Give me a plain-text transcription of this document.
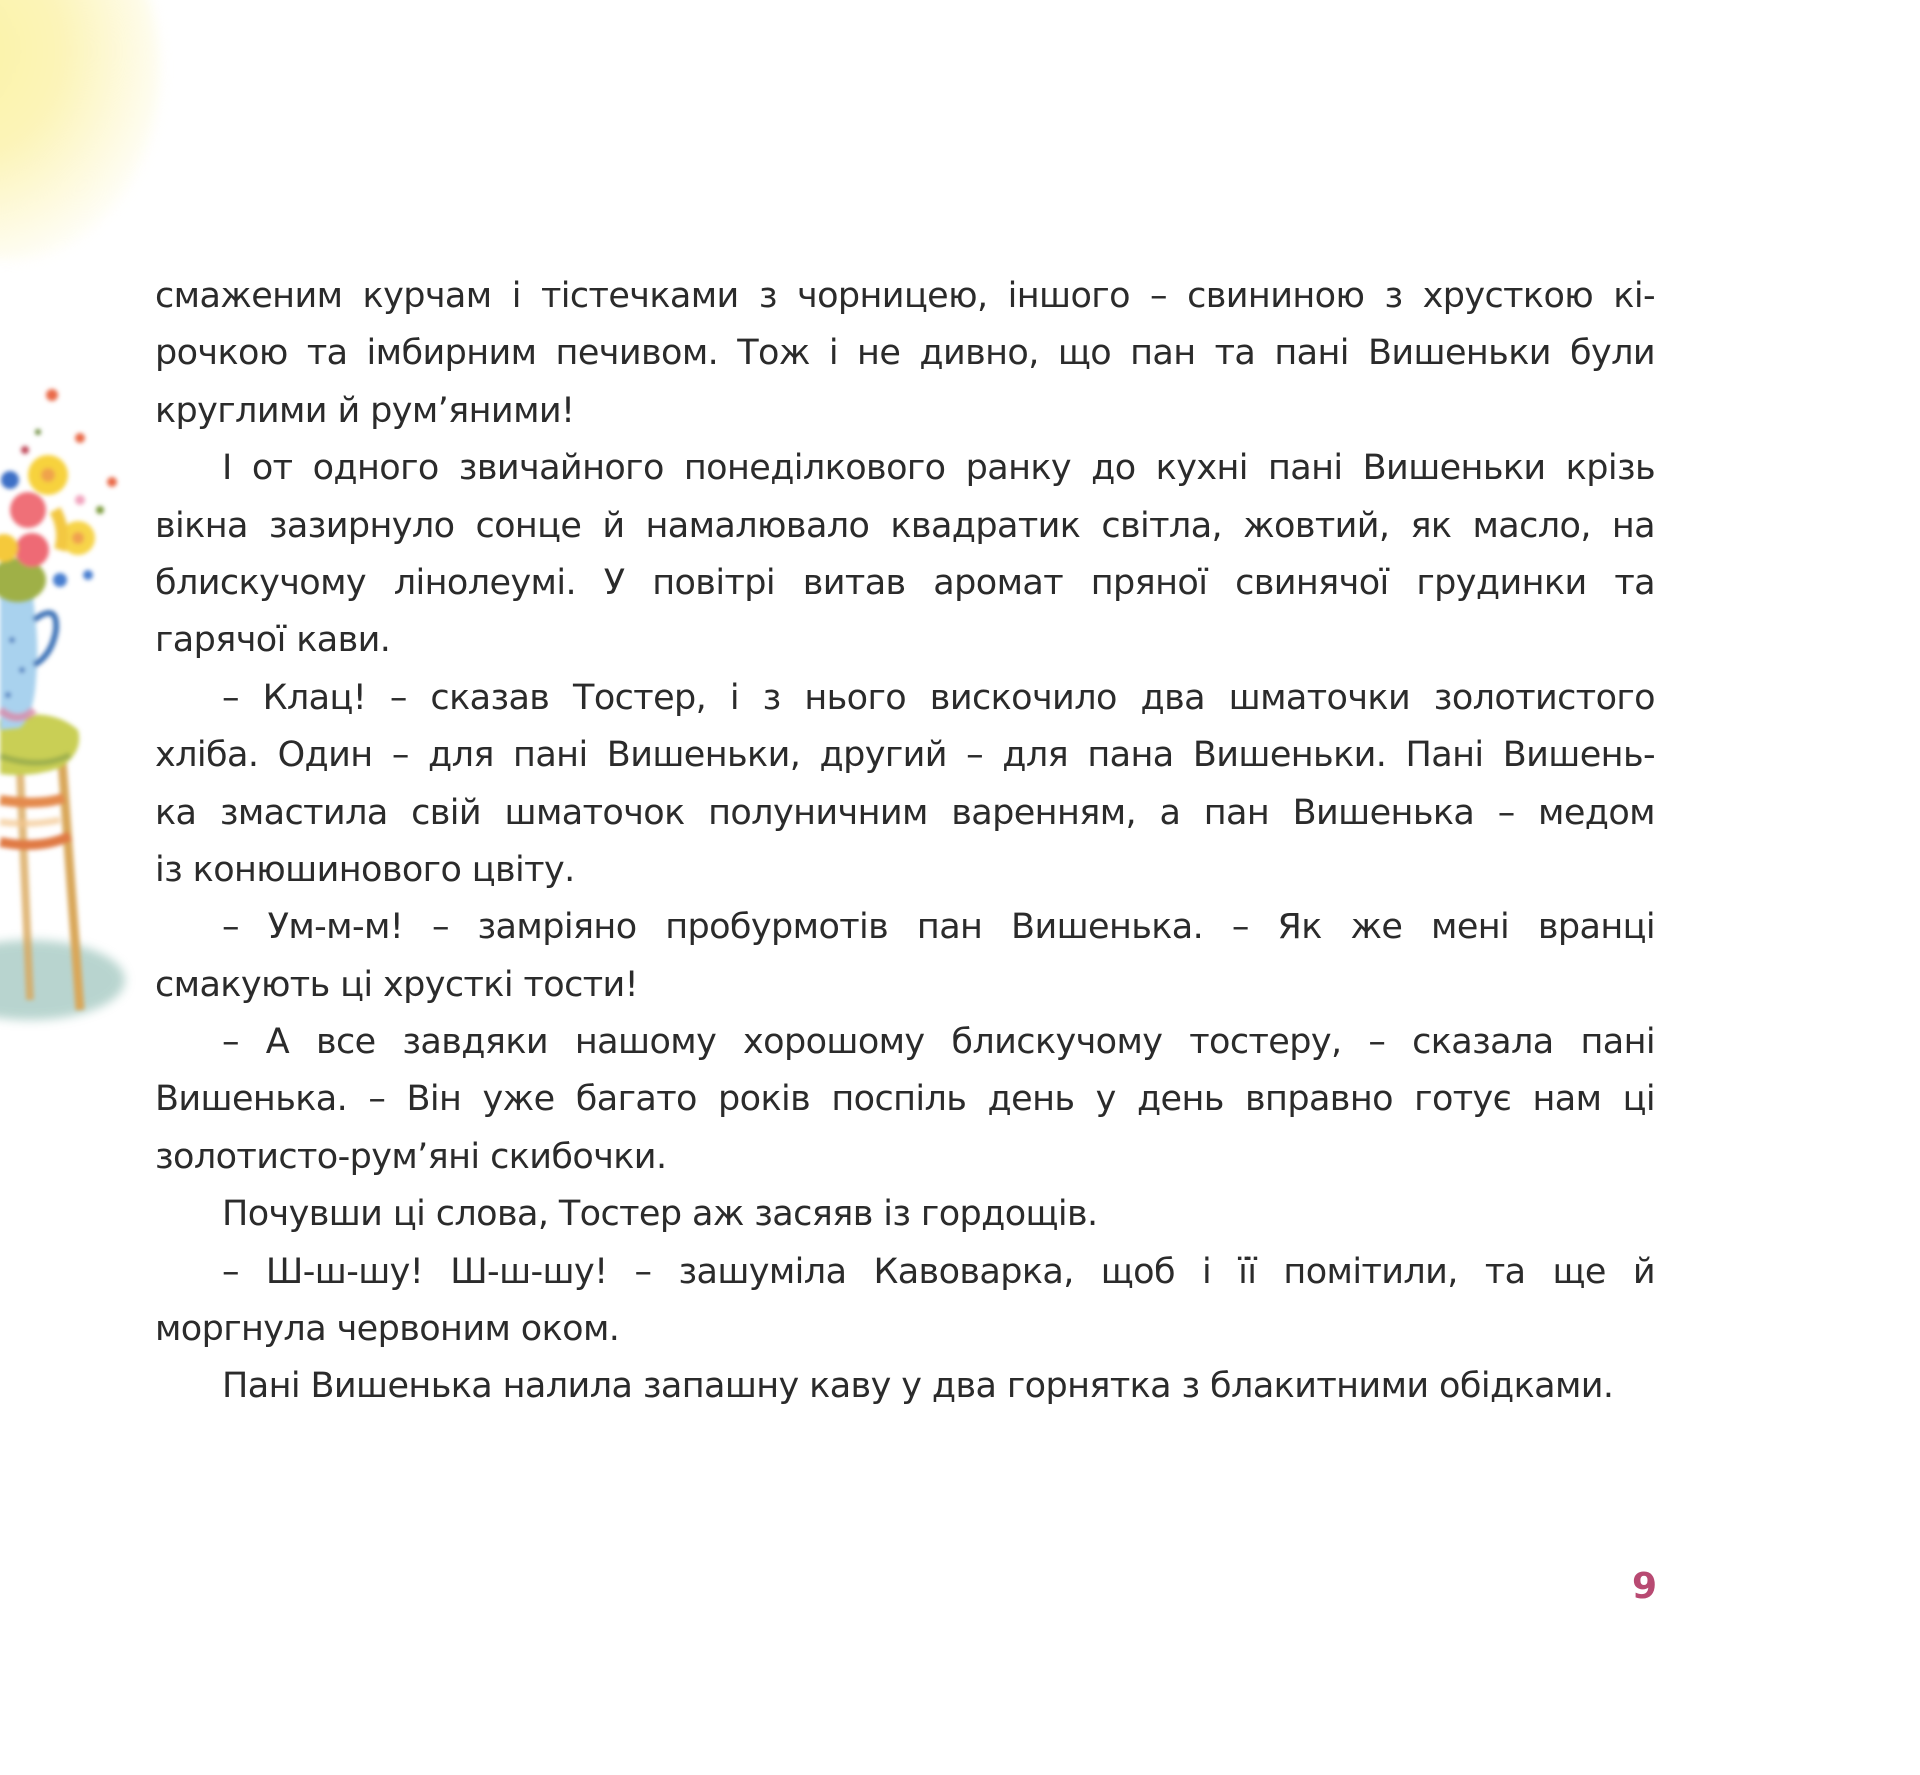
смаженим курчам і тістечками з чорницею, іншого – свининою з хрусткою кі-
рочкою та імбирним печивом. Тож і не дивно, що пан та пані Вишеньки були
круглими й рум’яними!
І от одного звичайного понеділкового ранку до кухні пані Вишеньки крізь
вікна зазирнуло сонце й намалювало квадратик світла, жовтий, як масло, на
блискучому лінолеумі. У повітрі витав аромат пряної свинячої грудинки та
гарячої кави.
– Клац! – сказав Тостер, і з нього вискочило два шматочки золотистого
хліба. Один – для пані Вишеньки, другий – для пана Вишеньки. Пані Вишень-
ка змастила свій шматочок полуничним варенням, а пан Вишенька – медом
із конюшинового цвіту.
– Ум-м-м! – замріяно пробурмотів пан Вишенька. – Як же мені вранці
смакують ці хрусткі тости!
– А все завдяки нашому хорошому блискучому тостеру, – сказала пані
Вишенька. – Він уже багато років поспіль день у день вправно готує нам ці
золотисто-рум’яні скибочки.
Почувши ці слова, Тостер аж засяяв із гордощів.
– Ш-ш-шу! Ш-ш-шу! – зашуміла Кавоварка, щоб і її помітили, та ще й
моргнула червоним оком.
Пані Вишенька налила запашну каву у два горнятка з блакитними обідками.
9
